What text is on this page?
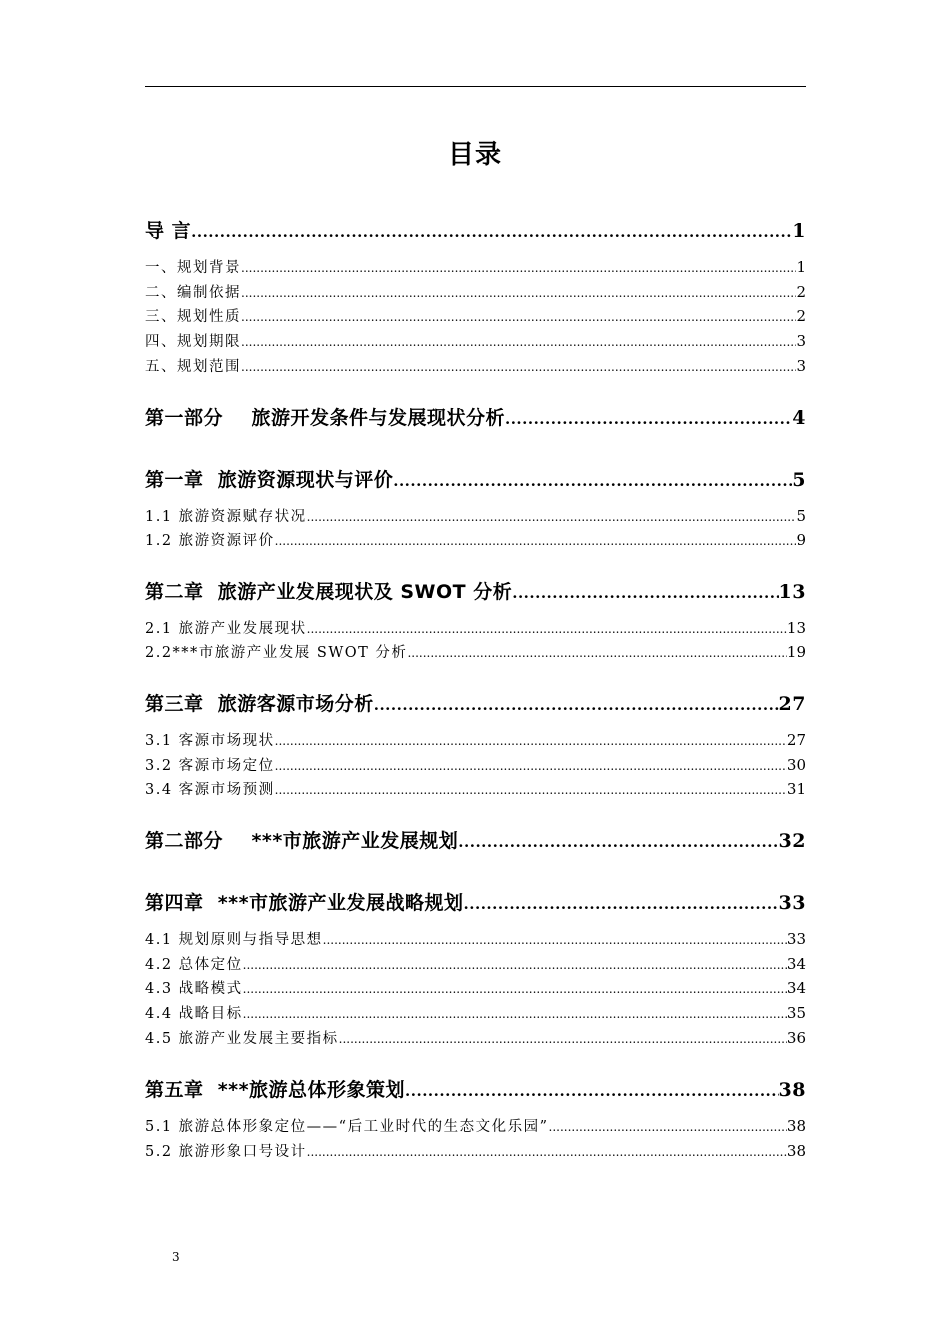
目录
导 言 .....	1
一、规划背景 .....	1
二、编制依据 .....	2
三、规划性质 .....	2
四、规划期限 .....	3
五、规划范围 .....	3
第一部分    旅游开发条件与发展现状分析 .....	4
第一章  旅游资源现状与评价 .....	5
1.1 旅游资源赋存状况 .....	5
1.2 旅游资源评价 .....	9
第二章  旅游产业发展现状及 SWOT 分析 .....	13
2.1 旅游产业发展现状 .....	13
2.2***市旅游产业发展 SWOT 分析 .....	19
第三章  旅游客源市场分析 .....	27
3.1 客源市场现状 .....	27
3.2 客源市场定位 .....	30
3.4 客源市场预测 .....	31
第二部分    ***市旅游产业发展规划 .....	32
第四章  ***市旅游产业发展战略规划 .....	33
4.1 规划原则与指导思想 .....	33
4.2 总体定位 .....	34
4.3 战略模式 .....	34
4.4 战略目标 .....	35
4.5 旅游产业发展主要指标 .....	36
第五章  ***旅游总体形象策划 .....	38
5.1 旅游总体形象定位——“后工业时代的生态文化乐园” .....	38
5.2 旅游形象口号设计 .....	38
3
